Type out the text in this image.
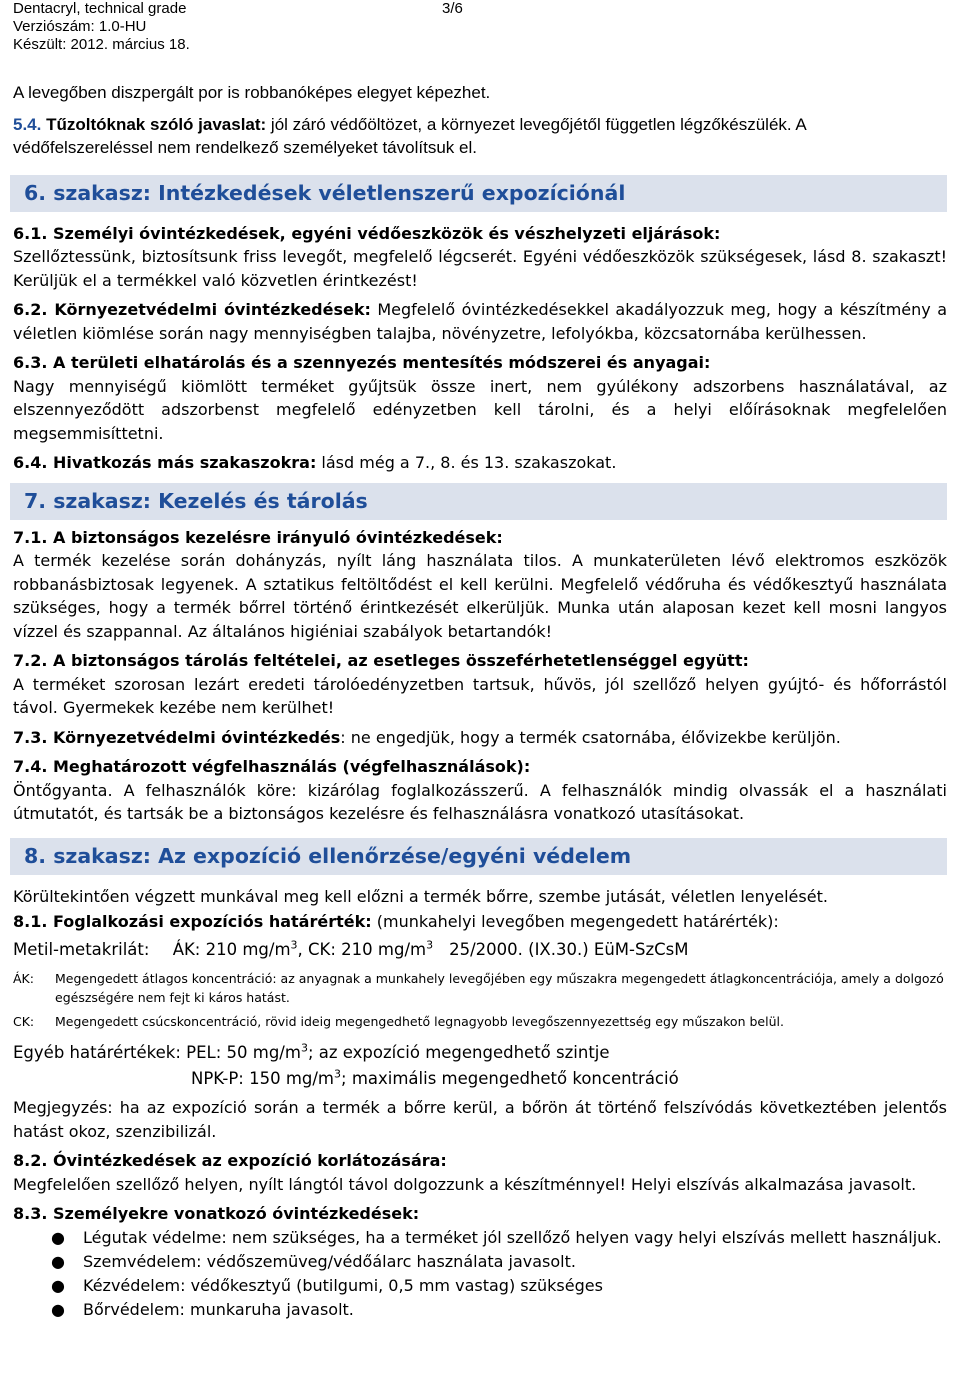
Dentacryl, technical grade	3/6
Verziószám: 1.0-HU
Készült: 2012. március 18.

A levegőben diszpergált por is robbanóképes elegyet képezhet.

5.4. Tűzoltóknak szóló javaslat: jól záró védőöltözet, a környezet levegőjétől független légzőkészülék. A védőfelszereléssel nem rendelkező személyeket távolítsuk el.

6. szakasz: Intézkedések véletlenszerű expozíciónál

6.1. Személyi óvintézkedések, egyéni védőeszközök és vészhelyzeti eljárások:
Szellőztessünk, biztosítsunk friss levegőt, megfelelő légcserét. Egyéni védőeszközök szükségesek, lásd 8. szakaszt! Kerüljük el a termékkel való közvetlen érintkezést!

6.2. Környezetvédelmi óvintézkedések: Megfelelő óvintézkedésekkel akadályozzuk meg, hogy a készítmény a véletlen kiömlése során nagy mennyiségben talajba, növényzetre, lefolyókba, közcsatornába kerülhessen.

6.3. A területi elhatárolás és a szennyezés mentesítés módszerei és anyagai:
Nagy mennyiségű kiömlött terméket gyűjtsük össze inert, nem gyúlékony adszorbens használatával, az elszennyeződött adszorbenst megfelelő edényzetben kell tárolni, és a helyi előírásoknak megfelelően megsemmisíttetni.

6.4. Hivatkozás más szakaszokra: lásd még a 7., 8. és 13. szakaszokat.

7. szakasz: Kezelés és tárolás

7.1. A biztonságos kezelésre irányuló óvintézkedések:
A termék kezelése során dohányzás, nyílt láng használata tilos. A munkaterületen lévő elektromos eszközök robbanásbiztosak legyenek. A sztatikus feltöltődést el kell kerülni. Megfelelő védőruha és védőkesztyű használata szükséges, hogy a termék bőrrel történő érintkezését elkerüljük. Munka után alaposan kezet kell mosni langyos vízzel és szappannal. Az általános higiéniai szabályok betartandók!

7.2. A biztonságos tárolás feltételei, az esetleges összeférhetetlenséggel együtt:
A terméket szorosan lezárt eredeti tárolóedényzetben tartsuk, hűvös, jól szellőző helyen gyújtó- és hőforrástól távol. Gyermekek kezébe nem kerülhet!

7.3. Környezetvédelmi óvintézkedés: ne engedjük, hogy a termék csatornába, élővizekbe kerüljön.

7.4. Meghatározott végfelhasználás (végfelhasználások):
Öntőgyanta. A felhasználók köre: kizárólag foglalkozásszerű. A felhasználók mindig olvassák el a használati útmutatót, és tartsák be a biztonságos kezelésre és felhasználásra vonatkozó utasításokat.

8. szakasz: Az expozíció ellenőrzése/egyéni védelem

Körültekintően végzett munkával meg kell előzni a termék bőrre, szembe jutását, véletlen lenyelését.

8.1. Foglalkozási expozíciós határérték: (munkahelyi levegőben megengedett határérték):

Metil-metakrilát: ÁK: 210 $mg/m^3$, CK: 210 $mg/m^3$ 25/2000. (IX.30.) EüM-SzCsM

ÁK: Megengedett átlagos koncentráció: az anyagnak a munkahely levegőjében egy műszakra megengedett átlagkoncentrációja, amely a dolgozó egészségére nem fejt ki káros hatást.
CK: Megengedett csúcskoncentráció, rövid ideig megengedhető legnagyobb levegőszennyezettség egy műszakon belül.

Egyéb határértékek: PEL: 50 $mg/m^3$; az expozíció megengedhető szintje

NPK-P: 150 $mg/m^3$; maximális megengedhető koncentráció

Megjegyzés: ha az expozíció során a termék a bőrre kerül, a bőrön át történő felszívódás következtében jelentős hatást okoz, szenzibilizál.

8.2. Óvintézkedések az expozíció korlátozására:
Megfelelően szellőző helyen, nyílt lángtól távol dolgozzunk a készítménnyel! Helyi elszívás alkalmazása javasolt.

8.3. Személyekre vonatkozó óvintézkedések:

● Légutak védelme: nem szükséges, ha a terméket jól szellőző helyen vagy helyi elszívás mellett használjuk.
● Szemvédelem: védőszemüveg/védőálarc használata javasolt.
● Kézvédelem: védőkesztyű (butilgumi, 0,5 mm vastag) szükséges
● Bőrvédelem: munkaruha javasolt.
